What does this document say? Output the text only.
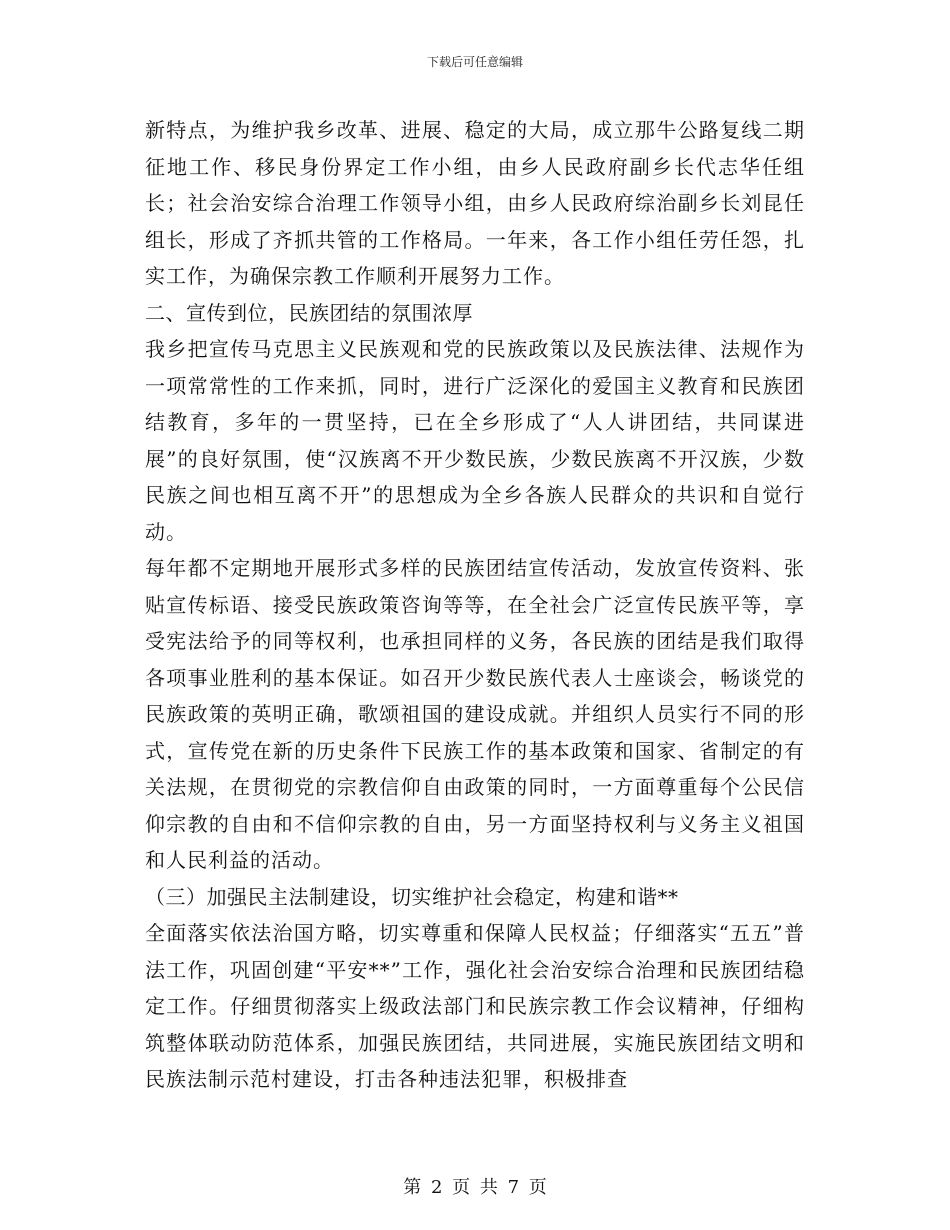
下载后可任意编辑

新特点，为维护我乡改革、进展、稳定的大局，成立那牛公路复线二期征地工作、移民身份界定工作小组，由乡人民政府副乡长代志华任组长；社会治安综合治理工作领导小组，由乡人民政府综治副乡长刘昆任组长，形成了齐抓共管的工作格局。一年来，各工作小组任劳任怨，扎实工作，为确保宗教工作顺利开展努力工作。

二、宣传到位，民族团结的氛围浓厚

我乡把宣传马克思主义民族观和党的民族政策以及民族法律、法规作为一项常常性的工作来抓，同时，进行广泛深化的爱国主义教育和民族团结教育，多年的一贯坚持，已在全乡形成了“人人讲团结，共同谋进展”的良好氛围，使“汉族离不开少数民族，少数民族离不开汉族，少数民族之间也相互离不开”的思想成为全乡各族人民群众的共识和自觉行动。

每年都不定期地开展形式多样的民族团结宣传活动，发放宣传资料、张贴宣传标语、接受民族政策咨询等等，在全社会广泛宣传民族平等，享受宪法给予的同等权利，也承担同样的义务，各民族的团结是我们取得各项事业胜利的基本保证。如召开少数民族代表人士座谈会，畅谈党的民族政策的英明正确，歌颂祖国的建设成就。并组织人员实行不同的形式，宣传党在新的历史条件下民族工作的基本政策和国家、省制定的有关法规，在贯彻党的宗教信仰自由政策的同时，一方面尊重每个公民信仰宗教的自由和不信仰宗教的自由，另一方面坚持权利与义务主义祖国和人民利益的活动。

（三）加强民主法制建设，切实维护社会稳定，构建和谐**

全面落实依法治国方略，切实尊重和保障人民权益；仔细落实“五五”普法工作，巩固创建“平安**”工作，强化社会治安综合治理和民族团结稳定工作。仔细贯彻落实上级政法部门和民族宗教工作会议精神，仔细构筑整体联动防范体系，加强民族团结，共同进展，实施民族团结文明和民族法制示范村建设，打击各种违法犯罪，积极排查

第 2 页 共 7 页
